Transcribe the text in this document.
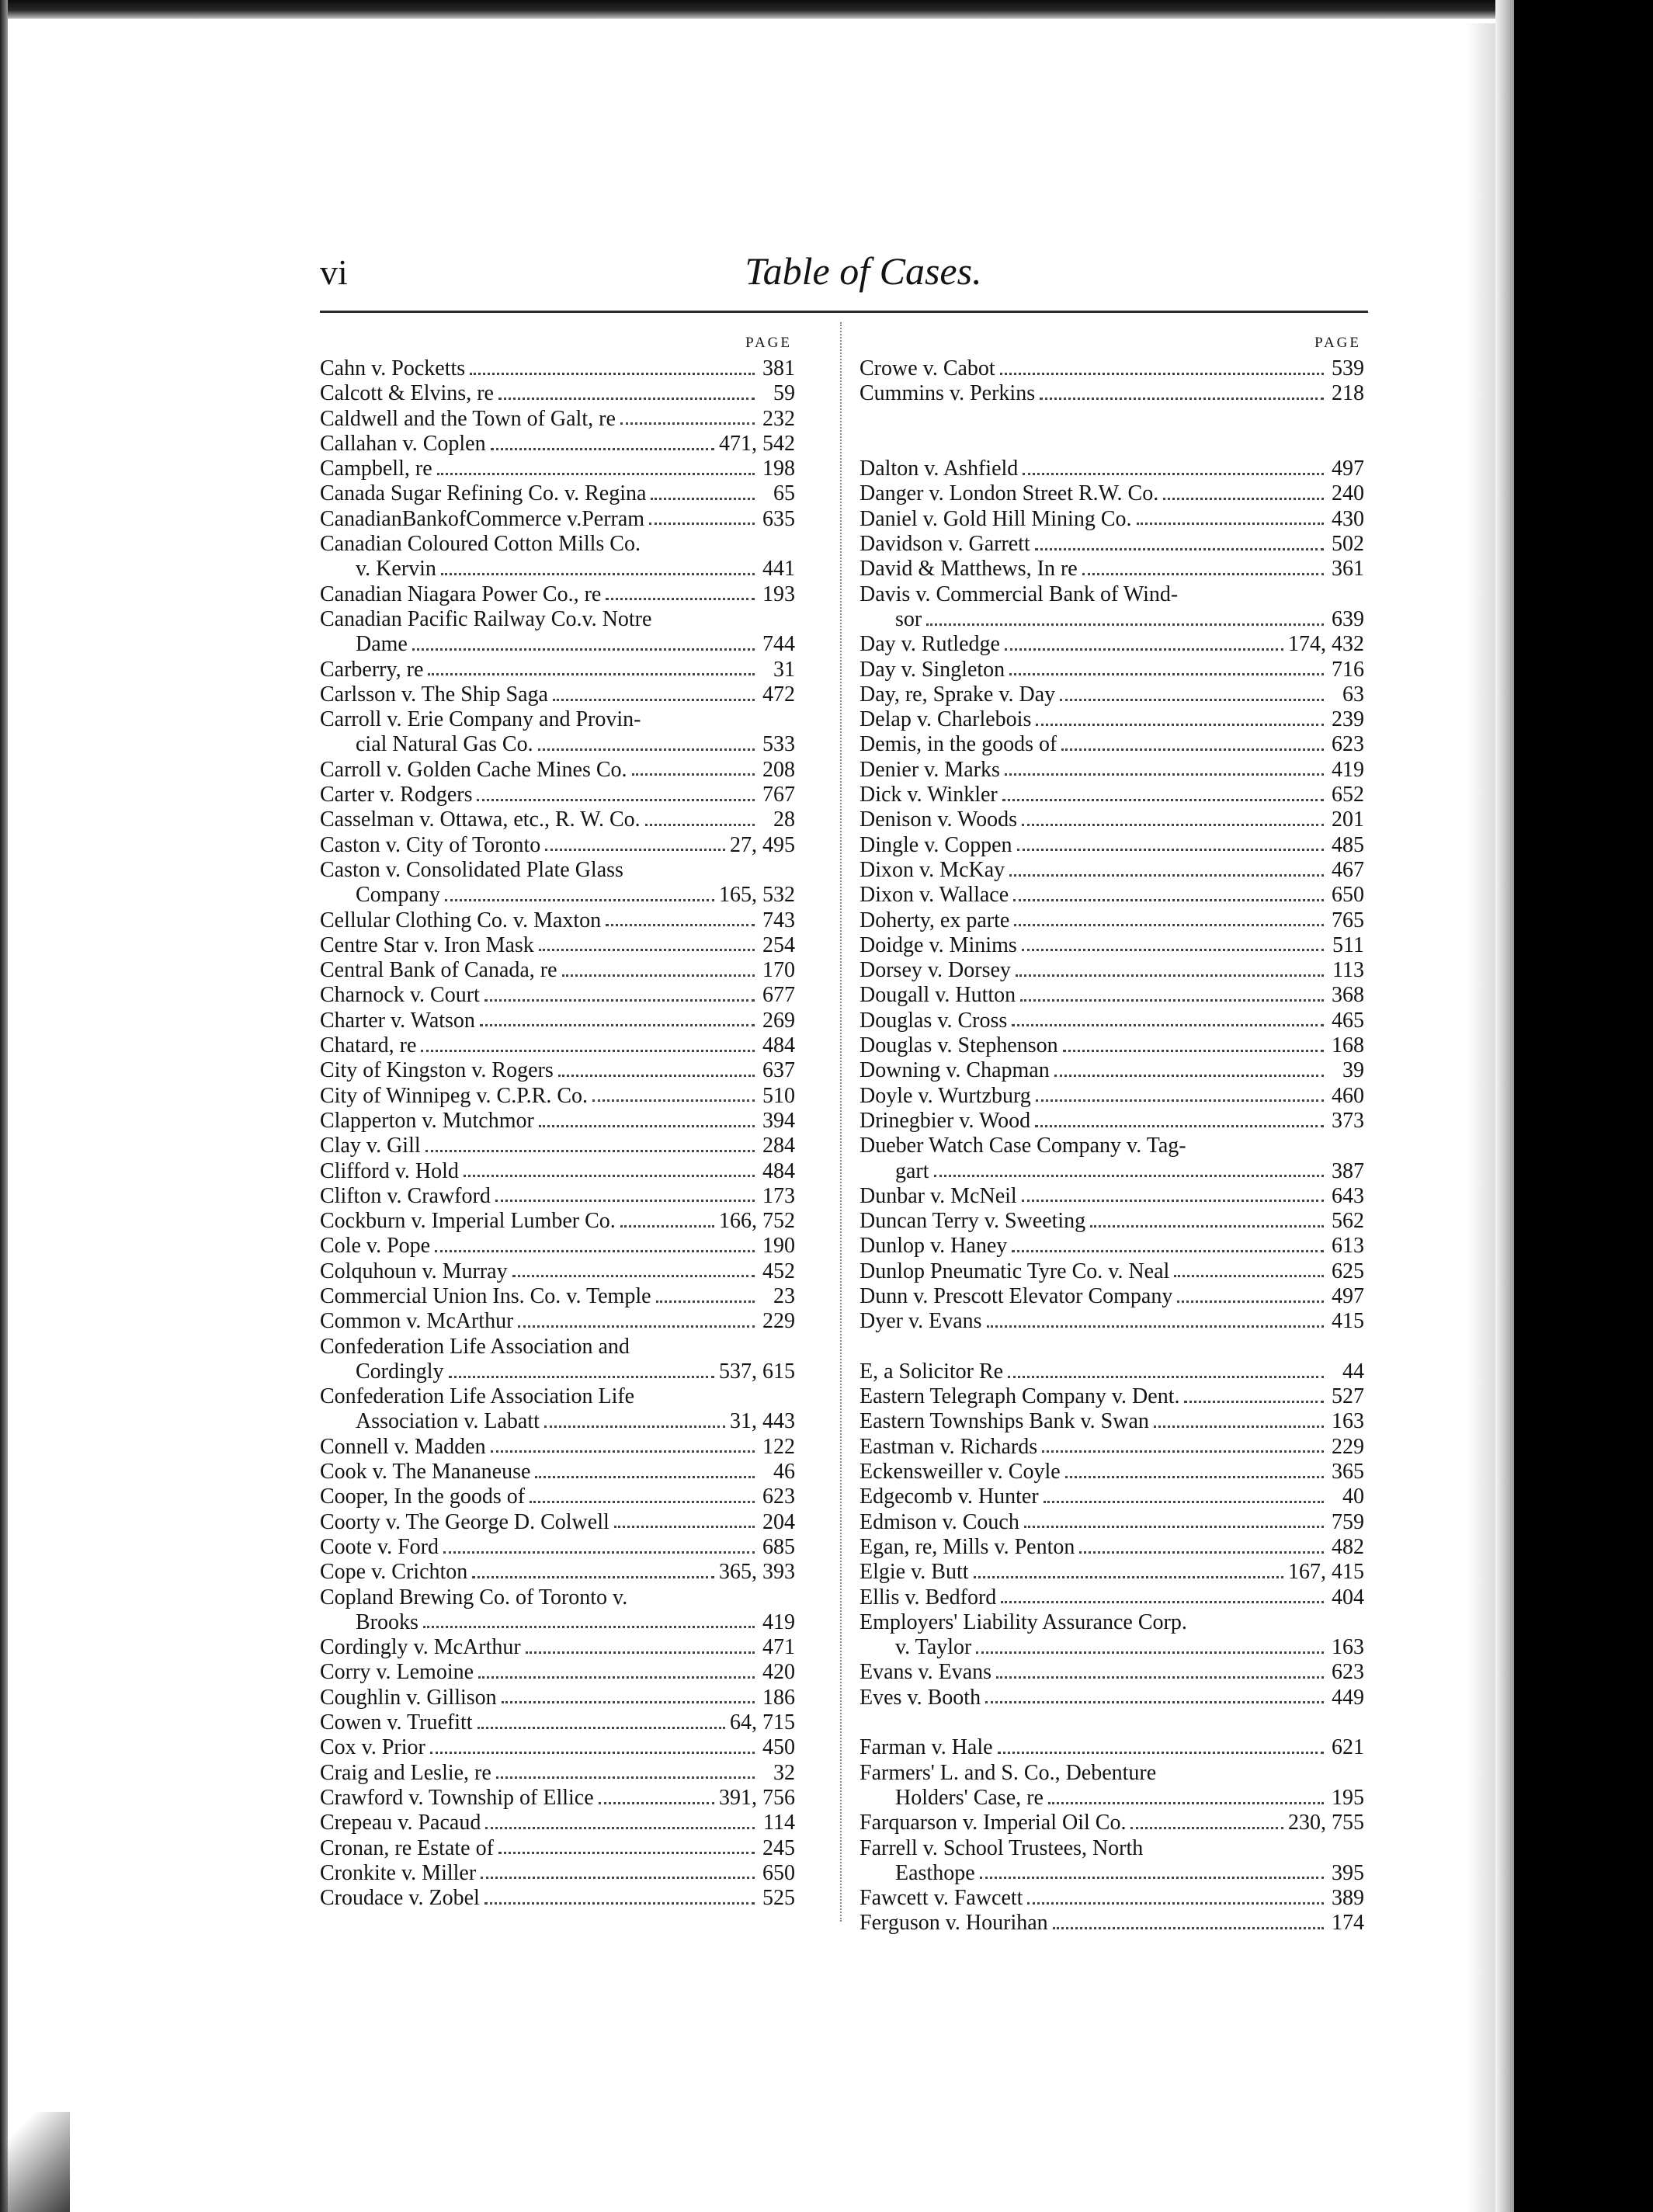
vi	Table of Cases.
PAGE
Cahn v. Pocketts	381
Calcott & Elvins, re	59
Caldwell and the Town of Galt, re	232
Callahan v. Coplen	471, 542
Campbell, re	198
Canada Sugar Refining Co. v. Regina	65
CanadianBankofCommerce v.Perram	635
Canadian Coloured Cotton Mills Co.
v. Kervin	441
Canadian Niagara Power Co., re	193
Canadian Pacific Railway Co.v. Notre
Dame	744
Carberry, re	31
Carlsson v. The Ship Saga	472
Carroll v. Erie Company and Provin-
cial Natural Gas Co.	533
Carroll v. Golden Cache Mines Co.	208
Carter v. Rodgers	767
Casselman v. Ottawa, etc., R. W. Co.	28
Caston v. City of Toronto	27, 495
Caston v. Consolidated Plate Glass
Company	165, 532
Cellular Clothing Co. v. Maxton	743
Centre Star v. Iron Mask	254
Central Bank of Canada, re	170
Charnock v. Court	677
Charter v. Watson	269
Chatard, re	484
City of Kingston v. Rogers	637
City of Winnipeg v. C.P.R. Co.	510
Clapperton v. Mutchmor	394
Clay v. Gill	284
Clifford v. Hold	484
Clifton v. Crawford	173
Cockburn v. Imperial Lumber Co.	166, 752
Cole v. Pope	190
Colquhoun v. Murray	452
Commercial Union Ins. Co. v. Temple	23
Common v. McArthur	229
Confederation Life Association and
Cordingly	537, 615
Confederation Life Association Life
Association v. Labatt	31, 443
Connell v. Madden	122
Cook v. The Mananeuse	46
Cooper, In the goods of	623
Coorty v. The George D. Colwell	204
Coote v. Ford	685
Cope v. Crichton	365, 393
Copland Brewing Co. of Toronto v.
Brooks	419
Cordingly v. McArthur	471
Corry v. Lemoine	420
Coughlin v. Gillison	186
Cowen v. Truefitt	64, 715
Cox v. Prior	450
Craig and Leslie, re	32
Crawford v. Township of Ellice	391, 756
Crepeau v. Pacaud	114
Cronan, re Estate of	245
Cronkite v. Miller	650
Croudace v. Zobel	525
PAGE
Crowe v. Cabot	539
Cummins v. Perkins	218
Dalton v. Ashfield	497
Danger v. London Street R.W. Co.	240
Daniel v. Gold Hill Mining Co.	430
Davidson v. Garrett	502
David & Matthews, In re	361
Davis v. Commercial Bank of Wind-
sor	639
Day v. Rutledge	174, 432
Day v. Singleton	716
Day, re, Sprake v. Day	63
Delap v. Charlebois	239
Demis, in the goods of	623
Denier v. Marks	419
Dick v. Winkler	652
Denison v. Woods	201
Dingle v. Coppen	485
Dixon v. McKay	467
Dixon v. Wallace	650
Doherty, ex parte	765
Doidge v. Minims	511
Dorsey v. Dorsey	113
Dougall v. Hutton	368
Douglas v. Cross	465
Douglas v. Stephenson	168
Downing v. Chapman	39
Doyle v. Wurtzburg	460
Drinegbier v. Wood	373
Dueber Watch Case Company v. Tag-
gart	387
Dunbar v. McNeil	643
Duncan Terry v. Sweeting	562
Dunlop v. Haney	613
Dunlop Pneumatic Tyre Co. v. Neal	625
Dunn v. Prescott Elevator Company	497
Dyer v. Evans	415
E, a Solicitor Re	44
Eastern Telegraph Company v. Dent.	527
Eastern Townships Bank v. Swan	163
Eastman v. Richards	229
Eckensweiller v. Coyle	365
Edgecomb v. Hunter	40
Edmison v. Couch	759
Egan, re, Mills v. Penton	482
Elgie v. Butt	167, 415
Ellis v. Bedford	404
Employers' Liability Assurance Corp.
v. Taylor	163
Evans v. Evans	623
Eves v. Booth	449
Farman v. Hale	621
Farmers' L. and S. Co., Debenture
Holders' Case, re	195
Farquarson v. Imperial Oil Co.	230, 755
Farrell v. School Trustees, North
Easthope	395
Fawcett v. Fawcett	389
Ferguson v. Hourihan	174
